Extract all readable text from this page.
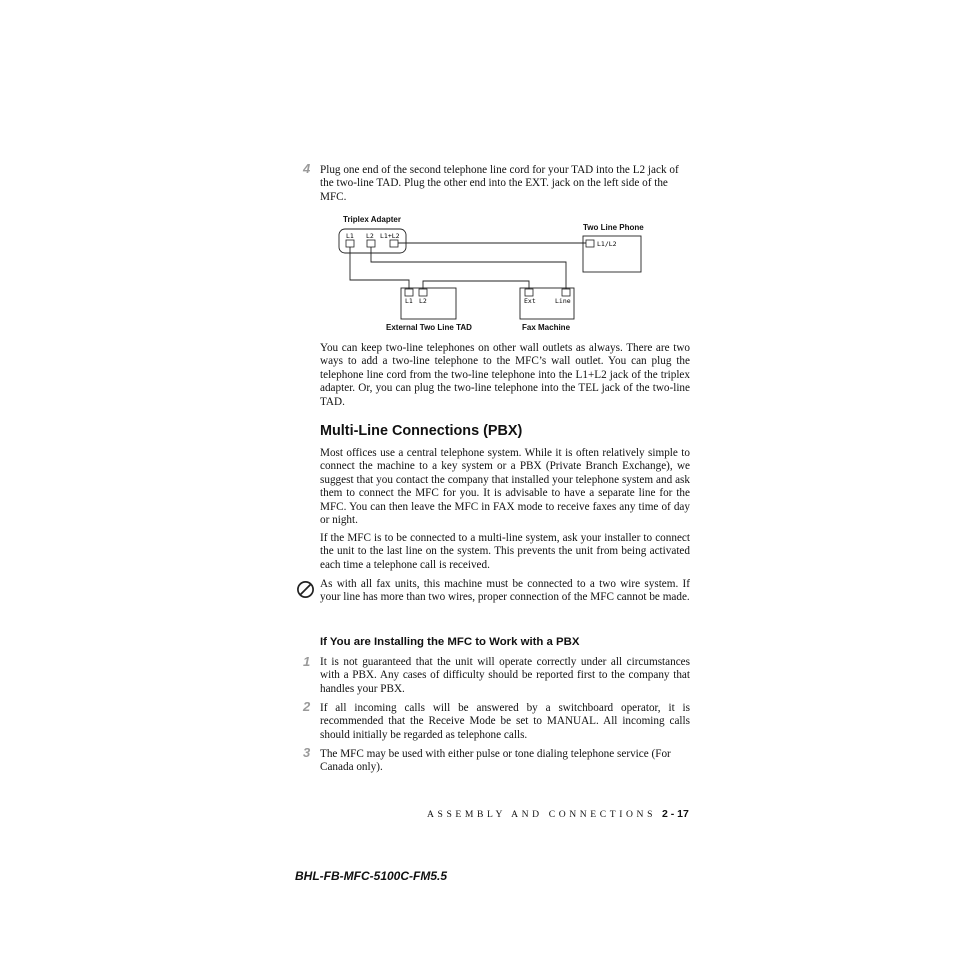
4 Plug one end of the second telephone line cord for your TAD into the L2 jack of the two-line TAD. Plug the other end into the EXT. jack on the left side of the MFC.
Triplex Adapter
Two Line Phone
External Two Line TAD	Fax Machine
L1 L2 L1+L2
L1/L2
L1 L2	Ext	Line
You can keep two-line telephones on other wall outlets as always. There are two ways to add a two-line telephone to the MFC’s wall outlet. You can plug the telephone line cord from the two-line telephone into the L1+L2 jack of the triplex adapter. Or, you can plug the two-line telephone into the TEL jack of the two-line TAD.
Multi-Line Connections (PBX)
Most offices use a central telephone system. While it is often relatively simple to connect the machine to a key system or a PBX (Private Branch Exchange), we suggest that you contact the company that installed your telephone system and ask them to connect the MFC for you. It is advisable to have a separate line for the MFC. You can then leave the MFC in FAX mode to receive faxes any time of day or night.
If the MFC is to be connected to a multi-line system, ask your installer to connect the unit to the last line on the system. This prevents the unit from being activated each time a telephone call is received.
As with all fax units, this machine must be connected to a two wire system. If your line has more than two wires, proper connection of the MFC cannot be made.
If You are Installing the MFC to Work with a PBX
1 It is not guaranteed that the unit will operate correctly under all circumstances with a PBX. Any cases of difficulty should be reported first to the company that handles your PBX.
2 If all incoming calls will be answered by a switchboard operator, it is recommended that the Receive Mode be set to MANUAL. All incoming calls should initially be regarded as telephone calls.
3 The MFC may be used with either pulse or tone dialing telephone service (For Canada only).
ASSEMBLY AND CONNECTIONS 2 - 17
BHL-FB-MFC-5100C-FM5.5
